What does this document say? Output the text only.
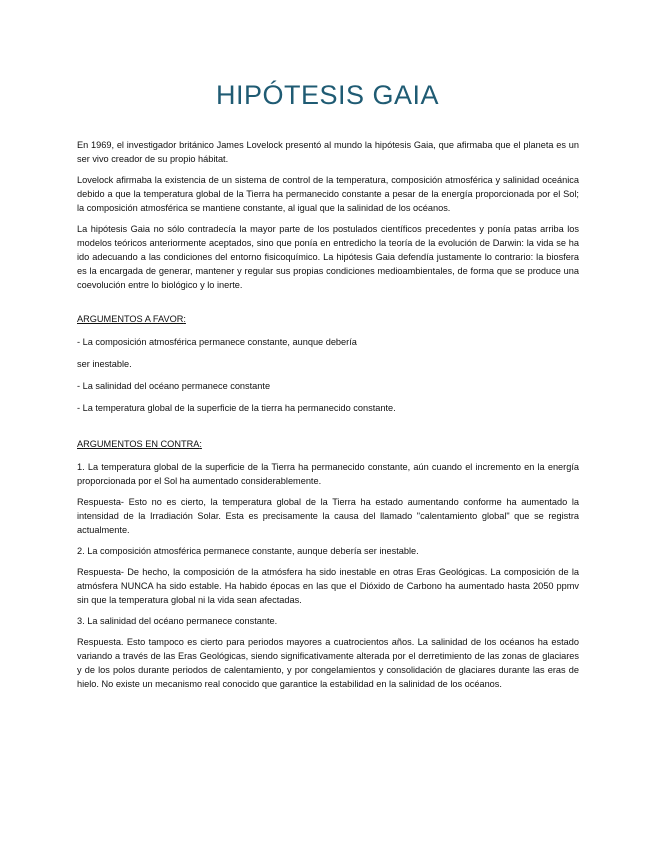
HIPÓTESIS GAIA

En 1969, el investigador británico James Lovelock presentó al mundo la hipótesis Gaia, que afirmaba que el planeta es un ser vivo creador de su propio hábitat.

Lovelock afirmaba la existencia de un sistema de control de la temperatura, composición atmosférica y salinidad oceánica debido a que la temperatura global de la Tierra ha permanecido constante a pesar de la energía proporcionada por el Sol; la composición atmosférica se mantiene constante, al igual que la salinidad de los océanos.

La hipótesis Gaia no sólo contradecía la mayor parte de los postulados científicos precedentes y ponía patas arriba los modelos teóricos anteriormente aceptados, sino que ponía en entredicho la teoría de la evolución de Darwin: la vida se ha ido adecuando a las condiciones del entorno fisicoquímico. La hipótesis Gaia defendía justamente lo contrario: la biosfera es la encargada de generar, mantener y regular sus propias condiciones medioambientales, de forma que se produce una coevolución entre lo biológico y lo inerte.

ARGUMENTOS A FAVOR:

- La composición atmosférica permanece constante, aunque debería

ser inestable.

- La salinidad del océano permanece constante

- La temperatura global de la superficie de la tierra ha permanecido constante.

ARGUMENTOS EN CONTRA:

1. La temperatura global de la superficie de la Tierra ha permanecido constante, aún cuando el incremento en la energía proporcionada por el Sol ha aumentado considerablemente.

Respuesta- Esto no es cierto, la temperatura global de la Tierra ha estado aumentando conforme ha aumentado la intensidad de la Irradiación Solar. Esta es precisamente la causa del llamado "calentamiento global" que se registra actualmente.

2. La composición atmosférica permanece constante, aunque debería ser inestable.

Respuesta- De hecho, la composición de la atmósfera ha sido inestable en otras Eras Geológicas. La composición de la atmósfera NUNCA ha sido estable. Ha habido épocas en las que el Dióxido de Carbono ha aumentado hasta 2050 ppmv sin que la temperatura global ni la vida sean afectadas.

3. La salinidad del océano permanece constante.

Respuesta. Esto tampoco es cierto para periodos mayores a cuatrocientos años. La salinidad de los océanos ha estado variando a través de las Eras Geológicas, siendo significativamente alterada por el derretimiento de las zonas de glaciares y de los polos durante periodos de calentamiento, y por congelamientos y consolidación de glaciares durante las eras de hielo. No existe un mecanismo real conocido que garantice la estabilidad en la salinidad de los océanos.
